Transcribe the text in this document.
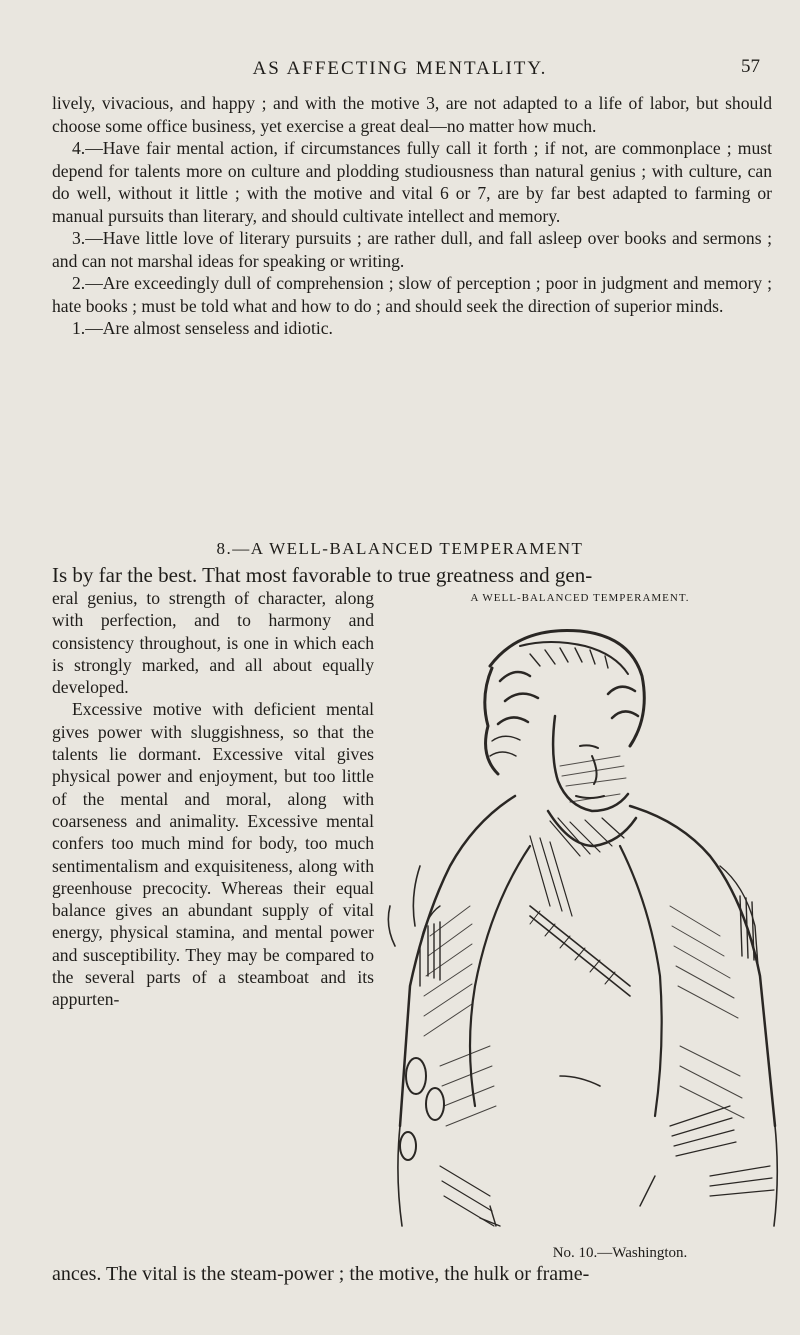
AS AFFECTING MENTALITY.	57

lively, vivacious, and happy ; and with the motive 3, are not adapted to a life of labor, but should choose some office business, yet exercise a great deal—no matter how much.

4.—Have fair mental action, if circumstances fully call it forth ; if not, are commonplace ; must depend for talents more on culture and plodding studiousness than natural genius ; with culture, can do well, without it little ; with the motive and vital 6 or 7, are by far best adapted to farming or manual pursuits than literary, and should cultivate intellect and memory.

3.—Have little love of literary pursuits ; are rather dull, and fall asleep over books and sermons ; and can not marshal ideas for speaking or writing.

2.—Are exceedingly dull of comprehension ; slow of perception ; poor in judgment and memory ; hate books ; must be told what and how to do ; and should seek the direction of superior minds.

1.—Are almost senseless and idiotic.

8.—A WELL-BALANCED TEMPERAMENT
Is by far the best. That most favorable to true greatness and gen-

eral genius, to strength of character, along with perfection, and to harmony and consistency throughout, is one in which each is strongly marked, and all about equally developed.

Excessive motive with deficient mental gives power with sluggishness, so that the talents lie dormant. Excessive vital gives physical power and enjoyment, but too little of the mental and moral, along with coarseness and animality. Excessive mental confers too much mind for body, too much sentimentalism and exquisiteness, along with greenhouse precocity. Whereas their equal balance gives an abundant supply of vital energy, physical stamina, and mental power and susceptibility. They may be compared to the several parts of a steamboat and its appurten-

A WELL-BALANCED TEMPERAMENT.
No. 10.—Washington.
ances. The vital is the steam-power ; the motive, the hulk or frame-
